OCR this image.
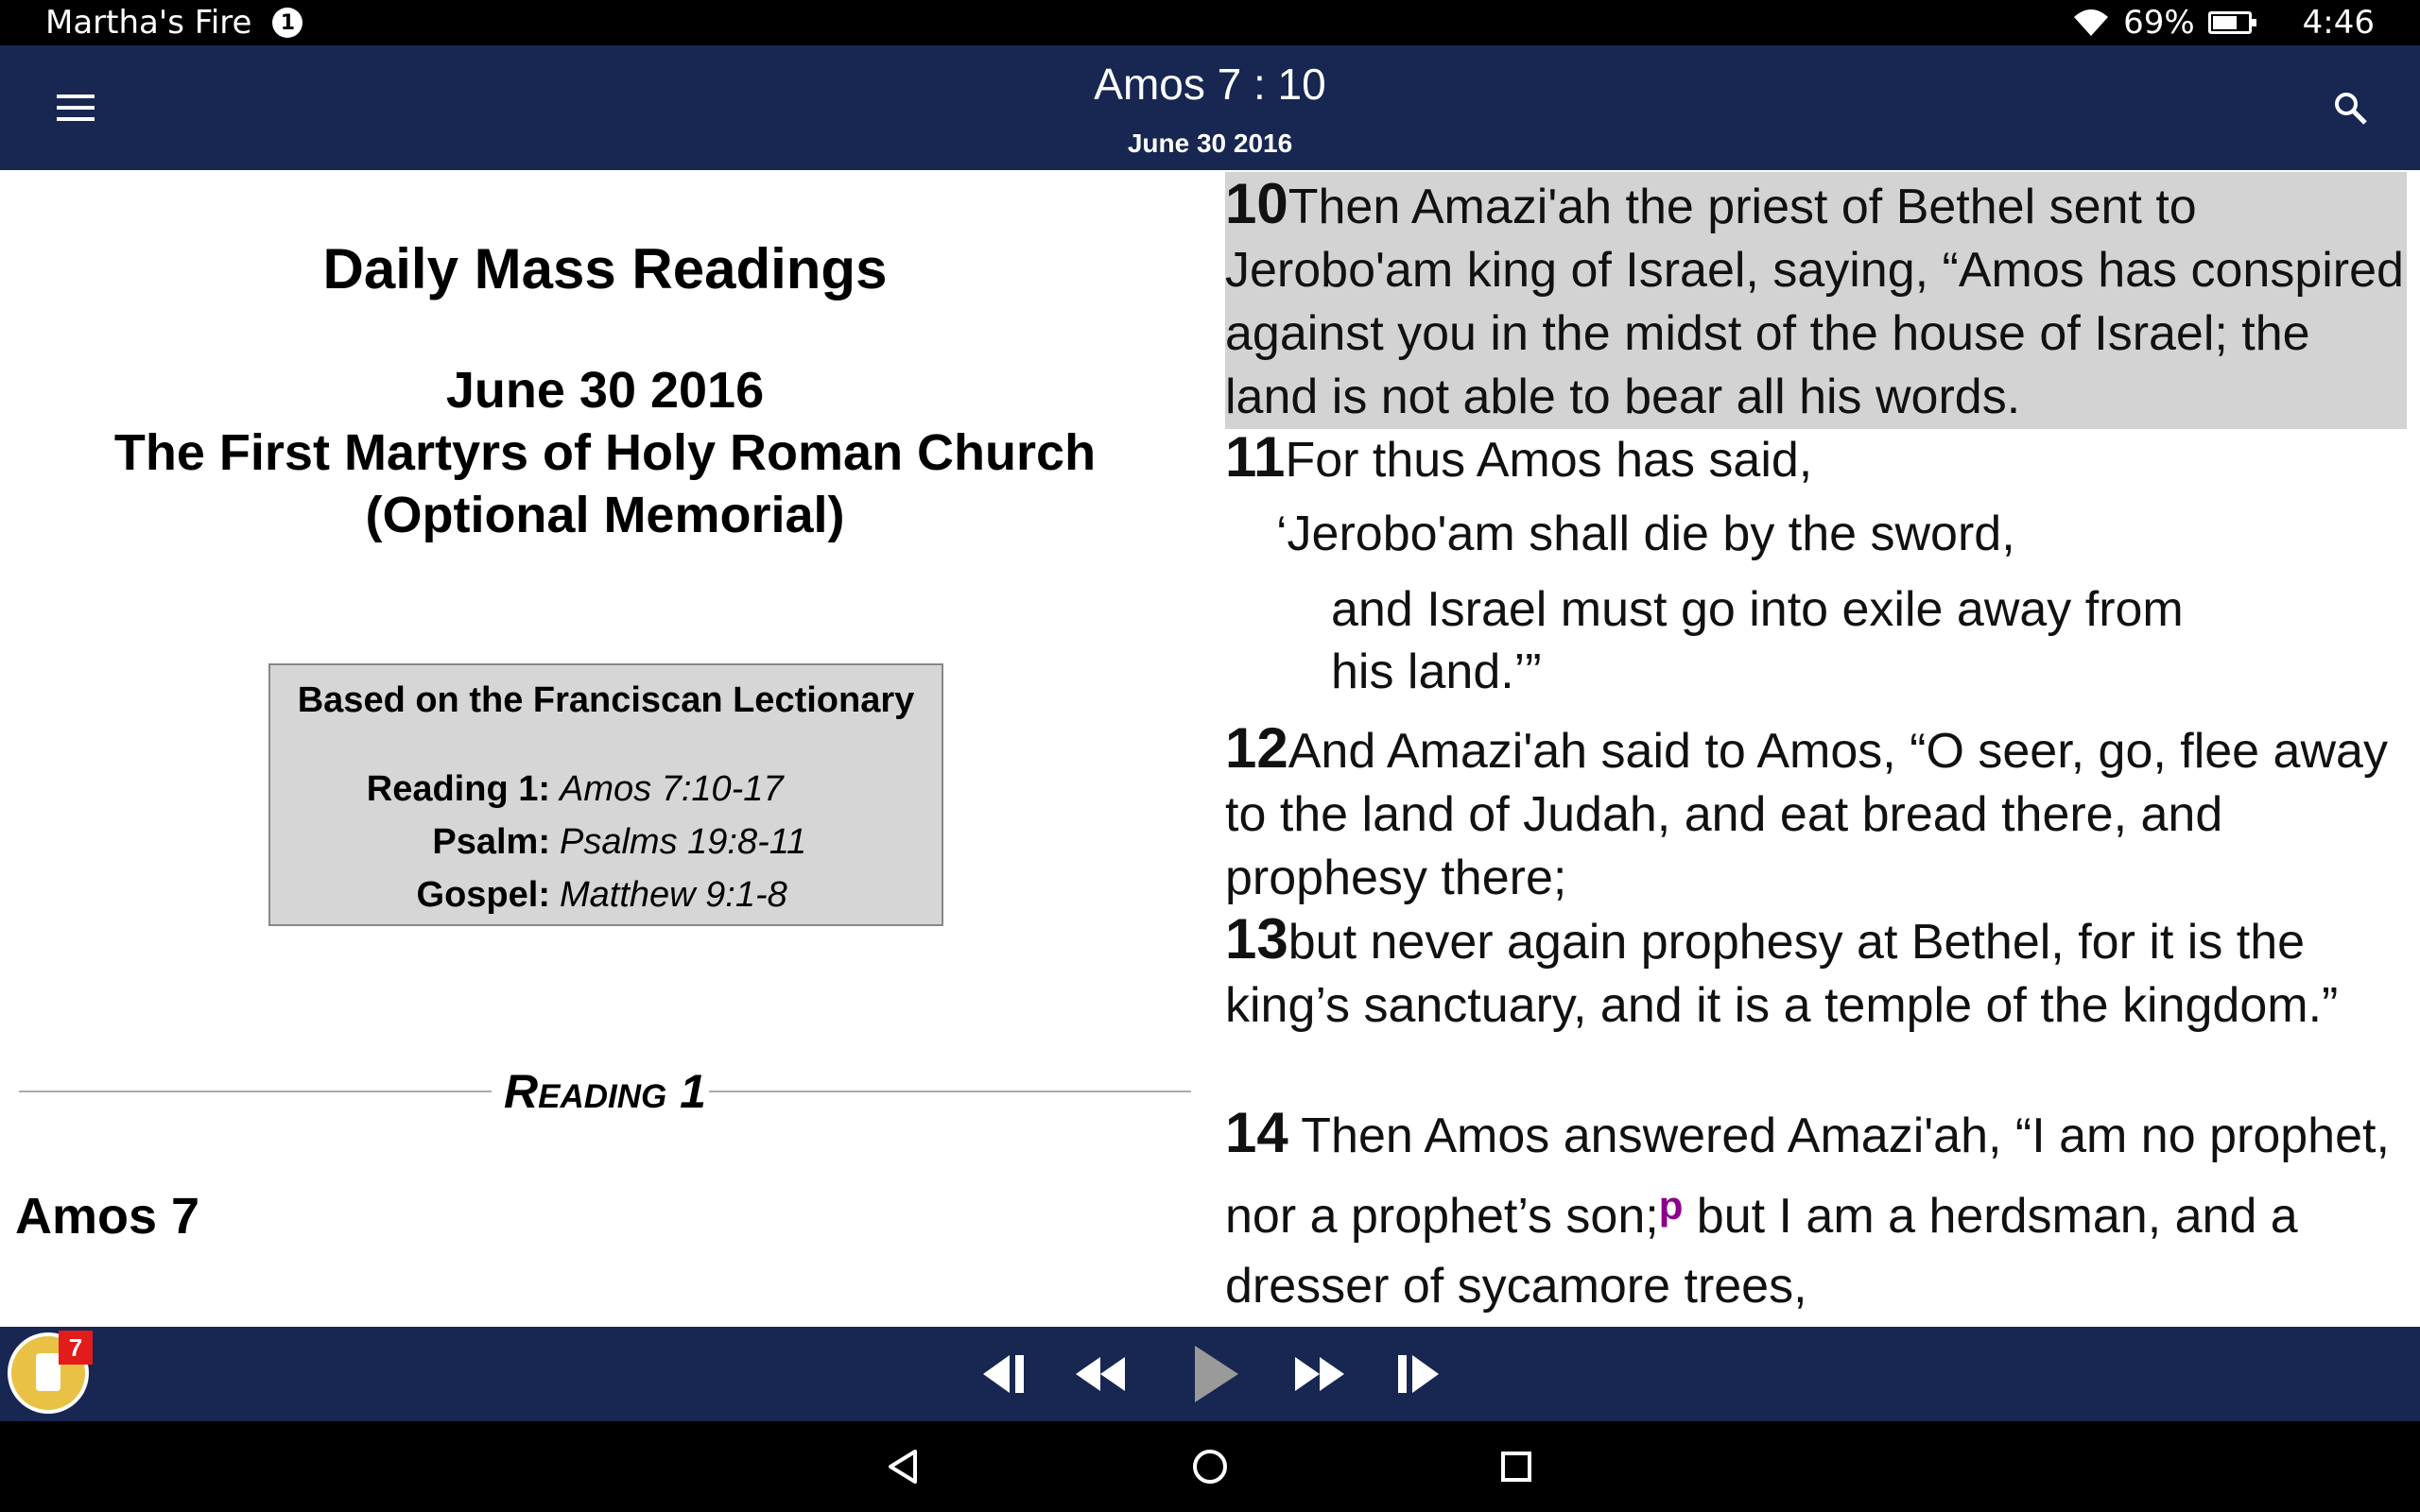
Martha's Fire	1	69%	4:46
Amos 7 : 10
June 30 2016
Daily Mass Readings
June 30 2016
The First Martyrs of Holy Roman Church
(Optional Memorial)
Based on the Franciscan Lectionary
Reading 1: Amos 7:10-17
Psalm: Psalms 19:8-11
Gospel: Matthew 9:1-8
Reading 1
Amos 7
10Then Amazi'ah the priest of Bethel sent to Jerobo'am king of Israel, saying, “Amos has conspired against you in the midst of the house of Israel; the land is not able to bear all his words.
11For thus Amos has said,
‘Jerobo'am shall die by the sword,
and Israel must go into exile away from
his land.’”
12And Amazi'ah said to Amos, “O seer, go, flee away to the land of Judah, and eat bread there, and prophesy there;
13but never again prophesy at Bethel, for it is the king’s sanctuary, and it is a temple of the kingdom.”
14 Then Amos answered Amazi'ah, “I am no prophet, nor a prophet’s son;$^p$ but I am a herdsman, and a dresser of sycamore trees,
7
